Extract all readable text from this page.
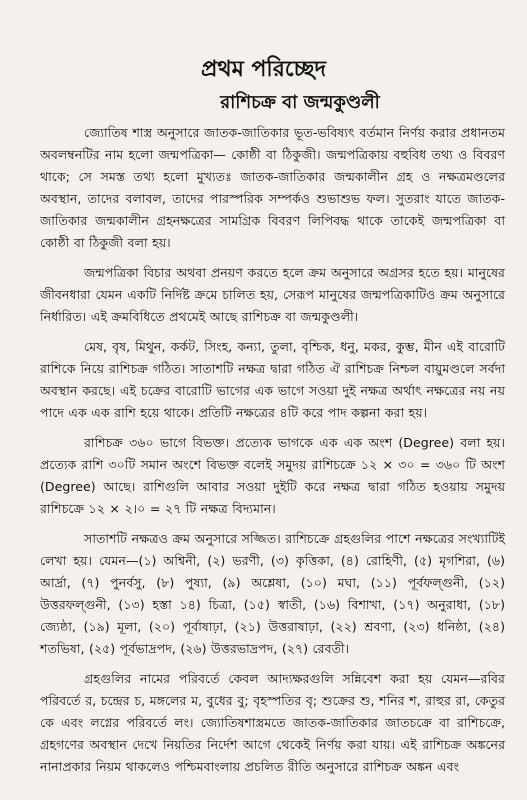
প্রথম পরিচ্ছেদ
রাশিচক্র বা জন্মকুণ্ডলী

জ্যোতিষ শাস্ত্র অনুসারে জাতক-জাতিকার ভূত-ভবিষ্যৎ বর্তমান নির্ণয় করার প্রধানতম অবলম্বনটির নাম হলো জন্মপত্রিকা— কোষ্ঠী বা ঠিকুজী। জন্মপত্রিকায় বহুবিধ তথ্য ও বিবরণ থাকে; সে সমস্ত তথ্য হলো মুখ্যতঃ জাতক-জাতিকার জন্মকালীন গ্রহ ও নক্ষত্রমণ্ডলের অবস্থান, তাদের বলাবল, তাদের পারস্পরিক সম্পর্কও শুভাশুভ ফল। সুতরাং যাতে জাতক-জাতিকার জন্মকালীন গ্রহনক্ষত্রের সামগ্রিক বিবরণ লিপিবদ্ধ থাকে তাকেই জন্মপত্রিকা বা কোষ্ঠী বা ঠিকুজী বলা হয়।

জন্মপত্রিকা বিচার অথবা প্রনয়ণ করতে হলে ক্রম অনুসারে অগ্রসর হতে হয়। মানুষের জীবনধারা যেমন একটি নির্দিষ্ট ক্রমে চালিত হয়, সেরূপ মানুষের জন্মপত্রিকাটিও ক্রম অনুসারে নির্ধারিত। এই ক্রমবিধিতে প্রথমেই আছে রাশিচক্র বা জন্মকুণ্ডলী।

মেষ, বৃষ, মিথুন, কর্কট, সিংহ, কন্যা, তুলা, বৃশ্চিক, ধনু, মকর, কুম্ভ, মীন এই বারোটি রাশিকে নিয়ে রাশিচক্র গঠিত। সাতাশটি নক্ষত্র দ্বারা গঠিত ঐ রাশিচক্র নিশ্চল বায়ুমণ্ডলে সর্বদা অবস্থান করছে। এই চক্রের বারোটি ভাগের এক ভাগে সওয়া দুই নক্ষত্র অর্থাৎ নক্ষত্রের নয় নয় পাদে এক এক রাশি হয়ে থাকে। প্রতিটি নক্ষত্রের ৪টি করে পাদ কল্পনা করা হয়।

রাশিচক্র ৩৬০ ভাগে বিভক্ত। প্রত্যেক ভাগকে এক এক অংশ (Degree) বলা হয়। প্রত্যেক রাশি ৩০টি সমান অংশে বিভক্ত বলেই সমুদয় রাশিচক্রে ১২ × ৩০ = ৩৬০ টি অংশ (Degree) আছে। রাশিগুলি আবার সওয়া দুইটি করে নক্ষত্র দ্বারা গঠিত হওয়ায় সমুদয় রাশিচক্রে ১২ × ২।০ = ২৭ টি নক্ষত্র বিদ্যমান।

সাতাশটি নক্ষত্রও ক্রম অনুসারে সজ্জিত। রাশিচক্রে গ্রহগুলির পাশে নক্ষত্রের সংখ্যাটিই লেখা হয়। যেমন—(১) অশ্বিনী, (২) ভরণী, (৩) কৃত্তিকা, (৪) রোহিণী, (৫) মৃগশিরা, (৬) আর্দ্রা, (৭) পুনর্বসু, (৮) পুষ্যা, (৯) অশ্লেষা, (১০) মঘা, (১১) পূর্বফল্গুনী, (১২) উত্তরফল্গুনী, (১৩) হস্তা ১৪) চিত্রা, (১৫) স্বাতী, (১৬) বিশাখা, (১৭) অনুরাধা, (১৮) জ্যেষ্ঠা, (১৯) মূলা, (২০) পূর্বাষাঢ়া, (২১) উত্তরাষাঢ়া, (২২) শ্রবণা, (২৩) ধনিষ্ঠা, (২৪) শতভিষা, (২৫) পূর্বভাদ্রপদ, (২৬) উত্তরভাদ্রপদ, (২৭) রেবতী।

গ্রহগুলির নামের পরিবর্তে কেবল আদ্যক্ষরগুলি সন্নিবেশ করা হয় যেমন—রবির পরিবর্তে র, চন্দ্রের চ, মঙ্গলের ম, বুধের বু; বৃহস্পতির বৃ; শুক্রের শু, শনির শ, রাহুর রা, কেতুর কে এবং লগ্নের পরিবর্তে লং। জ্যোতিষশাস্ত্রমতে জাতক-জাতিকার জাতচক্রে বা রাশিচক্রে, গ্রহগণের অবস্থান দেখে নিয়তির নির্দেশ আগে থেকেই নির্ণয় করা যায়। এই রাশিচক্র অঙ্কনের নানাপ্রকার নিয়ম থাকলেও পশ্চিমবাংলায় প্রচলিত রীতি অনুসারে রাশিচক্র অঙ্কন এবং
